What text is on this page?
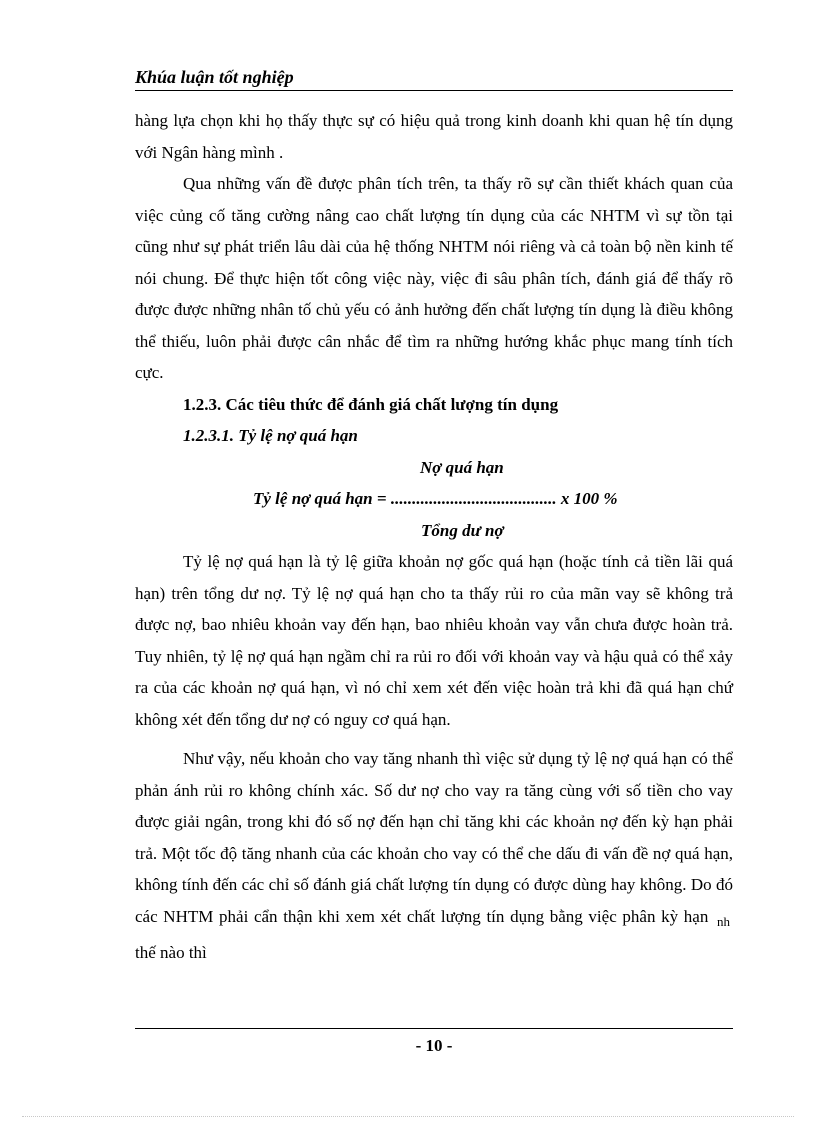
Khúa luận tốt nghiệp

hàng lựa chọn khi họ thấy thực sự có hiệu quả trong kinh doanh khi quan hệ tín dụng với Ngân hàng mình .

Qua những vấn đề được phân tích trên, ta thấy rõ sự cần thiết khách quan của việc củng cố tăng cường nâng cao chất lượng tín dụng của các NHTM vì sự tồn tại cũng như sự phát triển lâu dài của hệ thống NHTM nói riêng và cả toàn bộ nền kinh tế nói chung. Để thực hiện tốt công việc này, việc đi sâu phân tích, đánh giá để thấy rõ được được những nhân tố chủ yếu có ảnh hưởng đến chất lượng tín dụng là điều không thể thiếu, luôn phải được cân nhắc để tìm ra những hướng khắc phục mang tính tích cực.

1.2.3. Các tiêu thức để đánh giá chất lượng tín dụng

1.2.3.1. Tỷ lệ nợ quá hạn

Nợ quá hạn

Tỷ lệ nợ quá hạn = ....................................... x 100 %

Tổng dư nợ

Tỷ lệ nợ quá hạn là tỷ lệ giữa khoản nợ gốc quá hạn (hoặc tính cả tiền lãi quá hạn) trên tổng dư nợ. Tỷ lệ nợ quá hạn cho ta thấy rủi ro của mãn vay sẽ không trả được nợ, bao nhiêu khoản vay đến hạn, bao nhiêu khoản vay vẫn chưa được hoàn trả. Tuy nhiên, tỷ lệ nợ quá hạn ngầm chỉ ra rủi ro đối với khoản vay và hậu quả có thể xảy ra của các khoản nợ quá hạn, vì nó chỉ xem xét đến việc hoàn trả khi đã quá hạn chứ không xét đến tổng dư nợ có nguy cơ quá hạn.

Như vậy, nếu khoản cho vay tăng nhanh thì việc sử dụng tỷ lệ nợ quá hạn có thể phản ánh rủi ro không chính xác. Số dư nợ cho vay ra tăng cùng với số tiền cho vay được giải ngân, trong khi đó số nợ đến hạn chỉ tăng khi các khoản nợ đến kỳ hạn phải trả. Một tốc độ tăng nhanh của các khoản cho vay có thể che dấu đi vấn đề nợ quá hạn, không tính đến các chỉ số đánh giá chất lượng tín dụng có được dùng hay không. Do đó các NHTM phải cẩn thận khi xem xét chất lượng tín dụng bằng việc phân kỳ hạn $_{nh}$ thế nào thì

- 10 -
